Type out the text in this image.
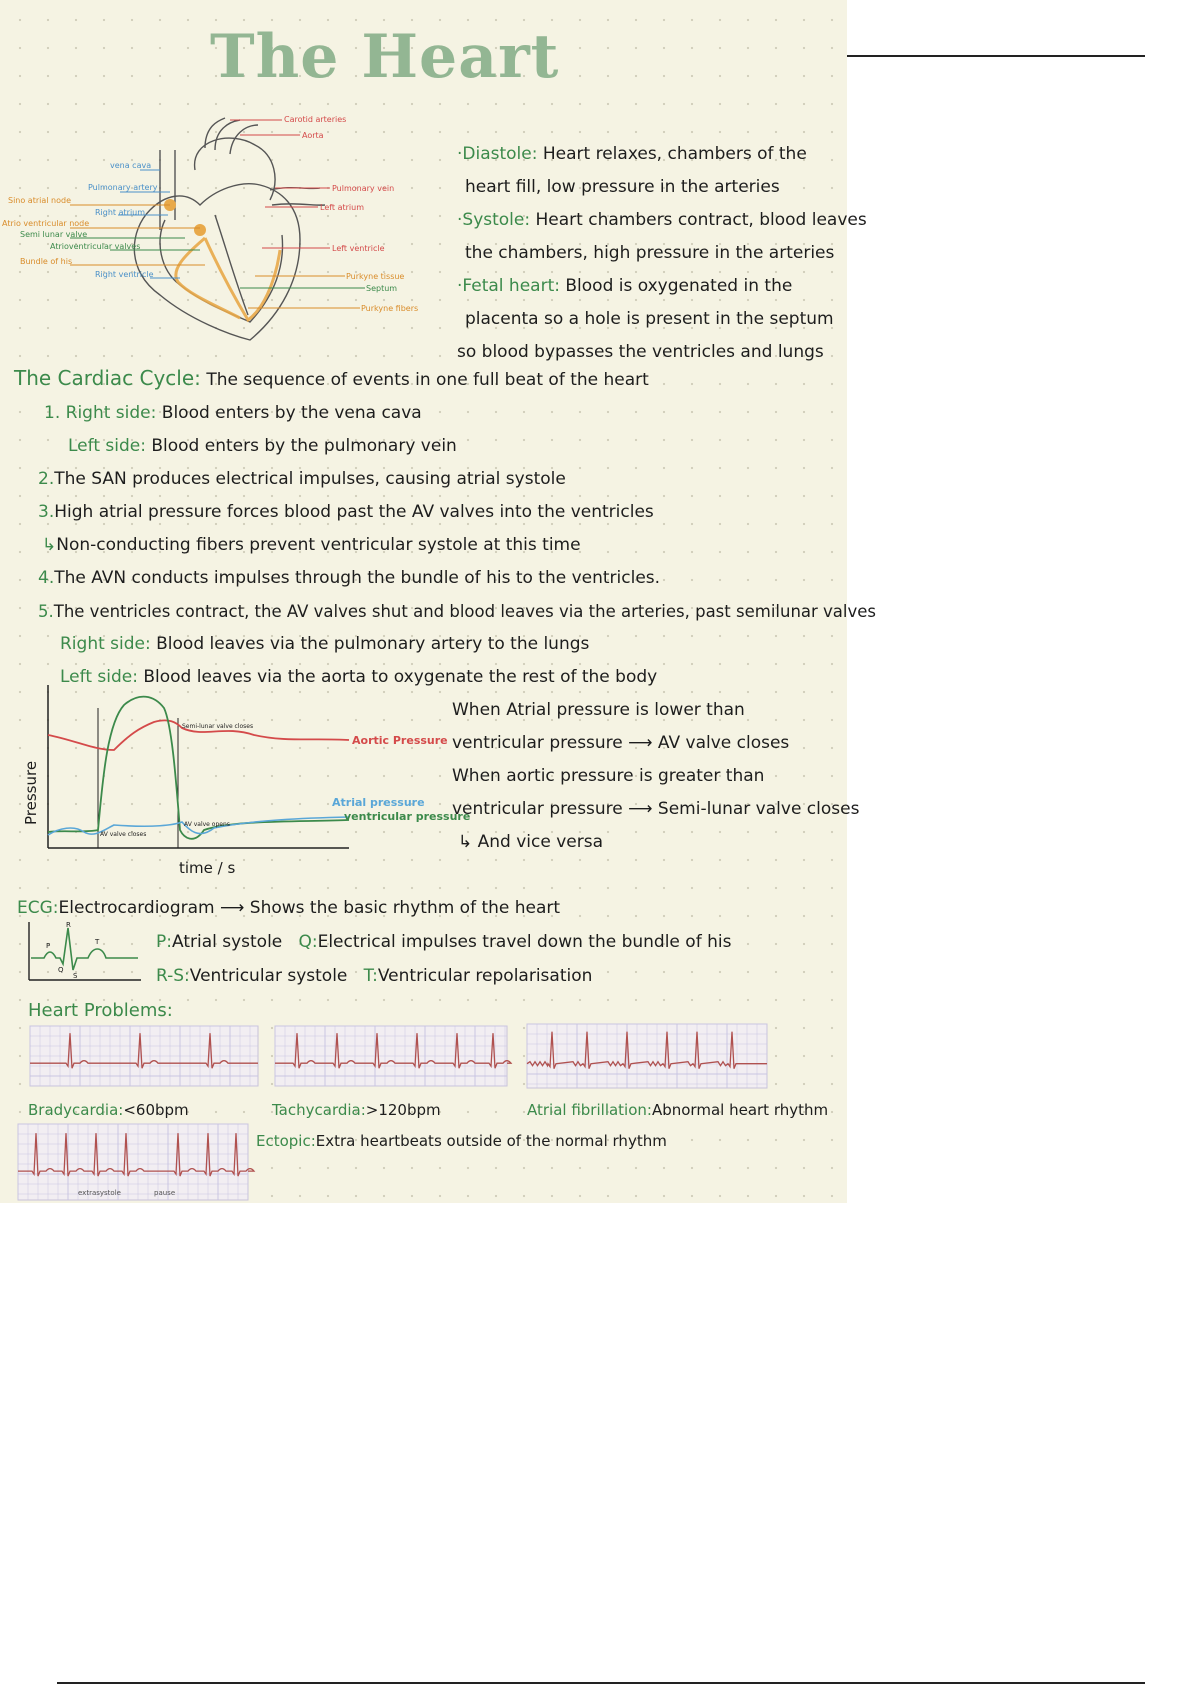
The Heart
vena cava
Pulmonary artery
Sino atrial node
Right atrium
Atrio ventricular node
Semi lunar valve
Atrioventricular valves
Bundle of his
Right ventricle
Carotid arteries
Aorta
Pulmonary vein
Left atrium
Left ventricle
Purkyne tissue
Septum
Purkyne fibers
·Diastole: Heart relaxes, chambers of the
heart fill, low pressure in the arteries
·Systole: Heart chambers contract, blood leaves
the chambers, high pressure in the arteries
·Fetal heart: Blood is oxygenated in the
placenta so a hole is present in the septum
so blood bypasses the ventricles and lungs
The Cardiac Cycle: The sequence of events in one full beat of the heart
1. Right side: Blood enters by the vena cava
Left side: Blood enters by the pulmonary vein
2.The SAN produces electrical impulses, causing atrial systole
3.High atrial pressure forces blood past the AV valves into the ventricles
↳Non-conducting fibers prevent ventricular systole at this time
4.The AVN conducts impulses through the bundle of his to the ventricles.
5.The ventricles contract, the AV valves shut and blood leaves via the arteries, past semilunar valves
Right side: Blood leaves via the pulmonary artery to the lungs
Left side: Blood leaves via the aorta to oxygenate the rest of the body
Pressure
AV valve closes
Semi-lunar valve closes
AV valve opens
Aortic Pressure
Atrial pressure
ventricular pressure
time / s
When Atrial pressure is lower than
ventricular pressure ⟶ AV valve closes
When aortic pressure is greater than
ventricular pressure ⟶ Semi-lunar valve closes
↳ And vice versa
ECG:Electrocardiogram ⟶ Shows the basic rhythm of the heart
R
P
Q
S
T	P:Atrial systole Q:Electrical impulses travel down the bundle of his
R-S:Ventricular systole T:Ventricular repolarisation
Heart Problems:
Bradycardia:<60bpm	Tachycardia:>120bpm	Atrial fibrillation:Abnormal heart rhythm
Ectopic:Extra heartbeats outside of the normal rhythm
extrasystole	pause
